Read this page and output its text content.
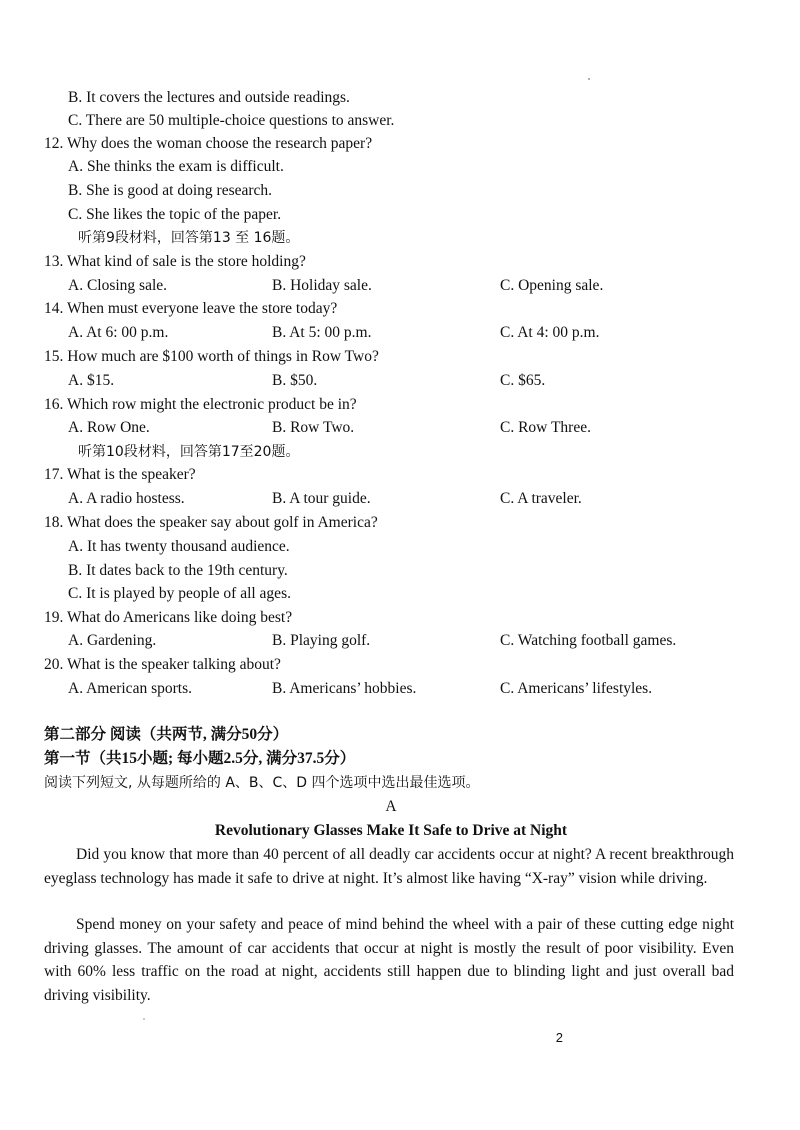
B. It covers the lectures and outside readings.
C. There are 50 multiple-choice questions to answer.
12. Why does the woman choose the research paper?
A. She thinks the exam is difficult.
B. She is good at doing research.
C. She likes the topic of the paper.
听第9段材料，回答第13 至 16题。
13. What kind of sale is the store holding?
A. Closing sale.	B. Holiday sale.	C. Opening sale.
14. When must everyone leave the store today?
A. At 6: 00 p.m.	B. At 5: 00 p.m.	C. At 4: 00 p.m.
15. How much are $100 worth of things in Row Two?
A. $15.	B. $50.	C. $65.
16. Which row might the electronic product be in?
A. Row One.	B. Row Two.	C. Row Three.
听第10段材料，回答第17至20题。
17. What is the speaker?
A. A radio hostess.	B. A tour guide.	C. A traveler.
18. What does the speaker say about golf in America?
A. It has twenty thousand audience.
B. It dates back to the 19th century.
C. It is played by people of all ages.
19. What do Americans like doing best?
A. Gardening.	B. Playing golf.	C. Watching football games.
20. What is the speaker talking about?
A. American sports.	B. Americans’ hobbies.	C. Americans’ lifestyles.
第二部分 阅读（共两节, 满分50分）
第一节（共15小题; 每小题2.5分, 满分37.5分）
阅读下列短文, 从每题所给的 A、B、C、D 四个选项中选出最佳选项。
A
Revolutionary Glasses Make It Safe to Drive at Night
Did you know that more than 40 percent of all deadly car accidents occur at night? A recent breakthrough eyeglass technology has made it safe to drive at night. It’s almost like having “X-ray” vision while driving.
Spend money on your safety and peace of mind behind the wheel with a pair of these cutting edge night driving glasses. The amount of car accidents that occur at night is mostly the result of poor visibility. Even with 60% less traffic on the road at night, accidents still happen due to blinding light and just overall bad driving visibility.
2
